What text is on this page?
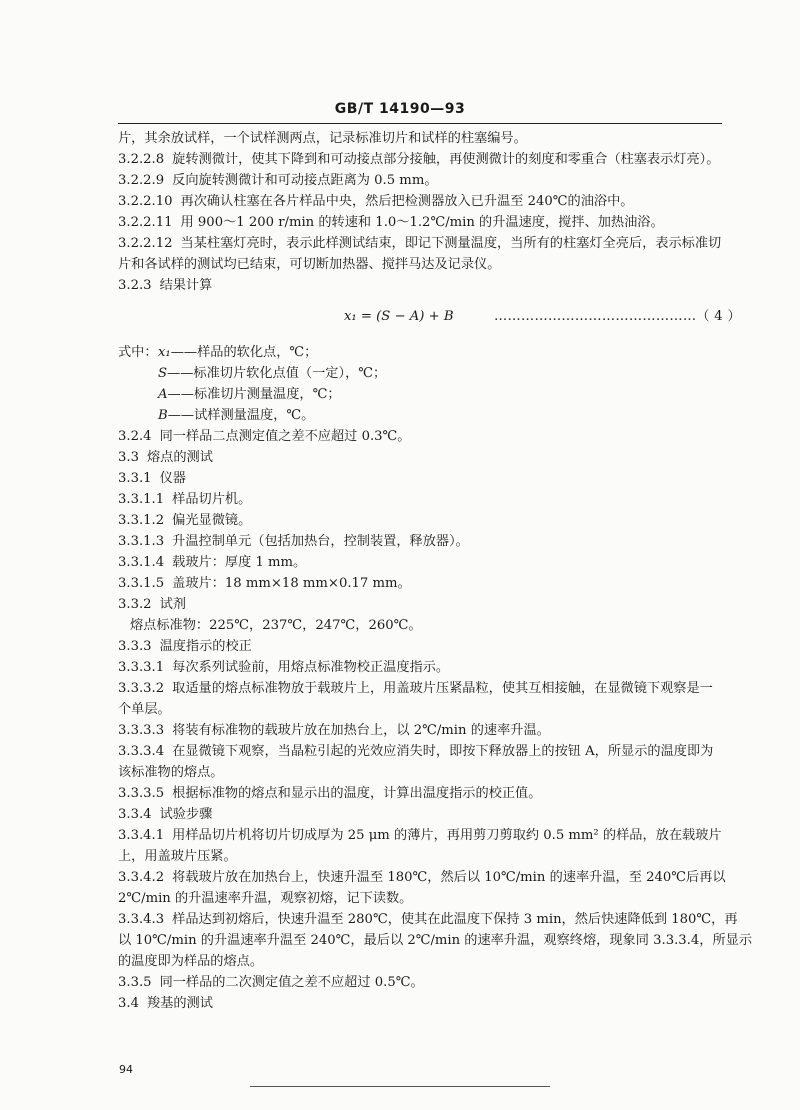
GB/T 14190—93
片，其余放试样，一个试样测两点，记录标准切片和试样的柱塞编号。
3.2.2.8 旋转测微计，使其下降到和可动接点部分接触，再使测微计的刻度和零重合（柱塞表示灯亮）。
3.2.2.9 反向旋转测微计和可动接点距离为 0.5 mm。
3.2.2.10 再次确认柱塞在各片样品中央，然后把检测器放入已升温至 240℃的油浴中。
3.2.2.11 用 900～1 200 r/min 的转速和 1.0～1.2℃/min 的升温速度，搅拌、加热油浴。
3.2.2.12 当某柱塞灯亮时，表示此样测试结束，即记下测量温度，当所有的柱塞灯全亮后，表示标准切
片和各试样的测试均已结束，可切断加热器、搅拌马达及记录仪。
3.2.3 结果计算
x₁ = (S − A) + B	………………………………………（ 4 ）
式中：x₁——样品的软化点，℃；
S——标准切片软化点值（一定），℃；
A——标准切片测量温度，℃；
B——试样测量温度，℃。
3.2.4 同一样品二点测定值之差不应超过 0.3℃。
3.3 熔点的测试
3.3.1 仪器
3.3.1.1 样品切片机。
3.3.1.2 偏光显微镜。
3.3.1.3 升温控制单元（包括加热台，控制装置，释放器）。
3.3.1.4 载玻片：厚度 1 mm。
3.3.1.5 盖玻片：18 mm×18 mm×0.17 mm。
3.3.2 试剂
熔点标准物：225℃，237℃，247℃，260℃。
3.3.3 温度指示的校正
3.3.3.1 每次系列试验前，用熔点标准物校正温度指示。
3.3.3.2 取适量的熔点标准物放于载玻片上，用盖玻片压紧晶粒，使其互相接触，在显微镜下观察是一
个单层。
3.3.3.3 将装有标准物的载玻片放在加热台上，以 2℃/min 的速率升温。
3.3.3.4 在显微镜下观察，当晶粒引起的光效应消失时，即按下释放器上的按钮 A，所显示的温度即为
该标准物的熔点。
3.3.3.5 根据标准物的熔点和显示出的温度，计算出温度指示的校正值。
3.3.4 试验步骤
3.3.4.1 用样品切片机将切片切成厚为 25 μm 的薄片，再用剪刀剪取约 0.5 mm² 的样品，放在载玻片
上，用盖玻片压紧。
3.3.4.2 将载玻片放在加热台上，快速升温至 180℃，然后以 10℃/min 的速率升温，至 240℃后再以
2℃/min 的升温速率升温，观察初熔，记下读数。
3.3.4.3 样品达到初熔后，快速升温至 280℃，使其在此温度下保持 3 min，然后快速降低到 180℃，再
以 10℃/min 的升温速率升温至 240℃，最后以 2℃/min 的速率升温，观察终熔，现象同 3.3.3.4，所显示
的温度即为样品的熔点。
3.3.5 同一样品的二次测定值之差不应超过 0.5℃。
3.4 羧基的测试
94
